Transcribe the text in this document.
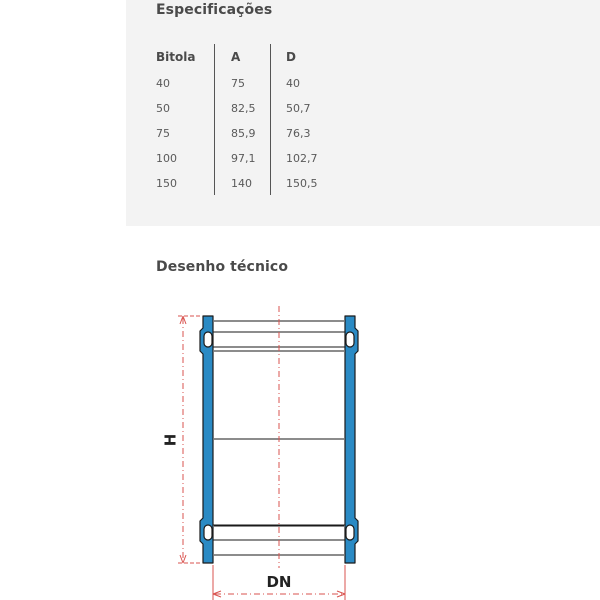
Especificações
Bitola
40
50
75
100
150
A
75
82,5
85,9
97,1
140
D
40
50,7
76,3
102,7
150,5
Desenho técnico
H
DN
